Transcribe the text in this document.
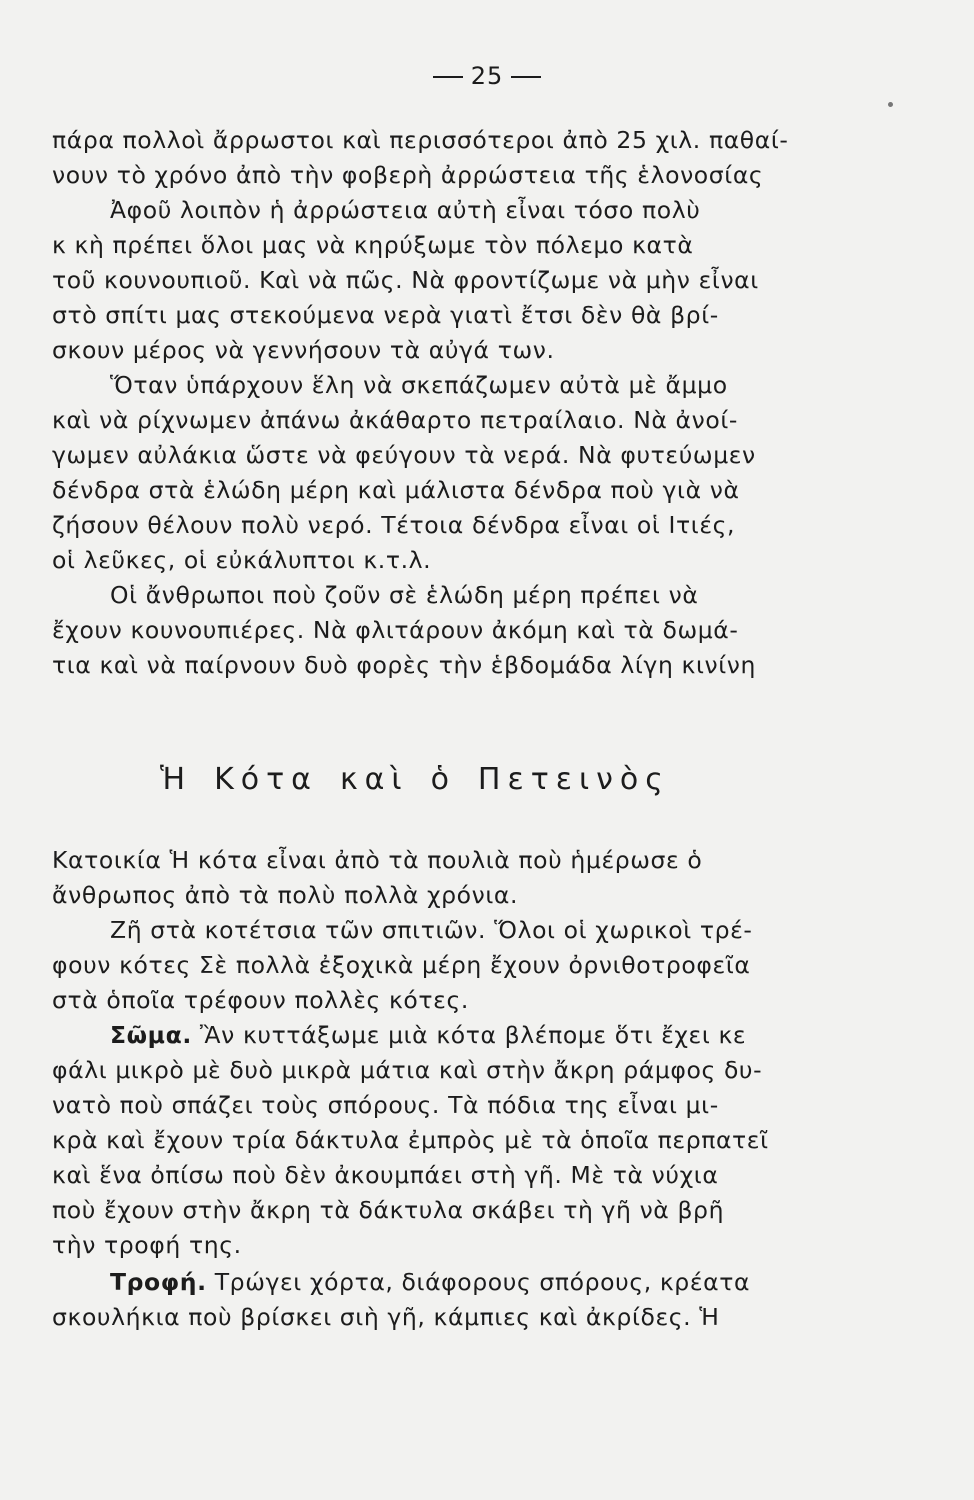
25
πάρα πολλοὶ ἄρρωστοι καὶ περισσότεροι ἀπὸ 25 χιλ. παθαί-
νουν τὸ χρόνο ἀπὸ τὴν φοβερὴ ἀρρώστεια τῆς ἑλονοσίας
Ἀφοῦ λοιπὸν ἡ ἀρρώστεια αὐτὴ εἶναι τόσο πολὺ
κ κὴ πρέπει ὅλοι μας νὰ κηρύξωμε τὸν πόλεμο κατὰ
τοῦ κουνουπιοῦ. Καὶ νὰ πῶς. Νὰ φροντίζωμε νὰ μὴν εἶναι
στὸ σπίτι μας στεκούμενα νερὰ γιατὶ ἔτσι δὲν θὰ βρί-
σκουν μέρος νὰ γεννήσουν τὰ αὐγά των.
Ὅταν ὑπάρχουν ἕλη νὰ σκεπάζωμεν αὐτὰ μὲ ἄμμο
καὶ νὰ ρίχνωμεν ἀπάνω ἀκάθαρτο πετραίλαιο. Νὰ ἀνοί-
γωμεν αὐλάκια ὥστε νὰ φεύγουν τὰ νερά. Νὰ φυτεύωμεν
δένδρα στὰ ἑλώδη μέρη καὶ μάλιστα δένδρα ποὺ γιὰ νὰ
ζήσουν θέλουν πολὺ νερό. Τέτοια δένδρα εἶναι οἱ Ιτιές,
οἱ λεῦκες, οἱ εὐκάλυπτοι κ.τ.λ.
Οἱ ἄνθρωποι ποὺ ζοῦν σὲ ἑλώδη μέρη πρέπει νὰ
ἔχουν κουνουπιέρες. Νὰ φλιτάρουν ἀκόμη καὶ τὰ δωμά-
τια καὶ νὰ παίρνουν δυὸ φορὲς τὴν ἑβδομάδα λίγη κινίνη
Ἡ Κότα καὶ ὁ Πετεινὸς
Κατοικία Ἡ κότα εἶναι ἀπὸ τὰ πουλιὰ ποὺ ἡμέρωσε ὁ
ἄνθρωπος ἀπὸ τὰ πολὺ πολλὰ χρόνια.
Ζῆ στὰ κοτέτσια τῶν σπιτιῶν. Ὅλοι οἱ χωρικοὶ τρέ-
φουν κότες Σὲ πολλὰ ἐξοχικὰ μέρη ἔχουν ὀρνιθοτροφεῖα
στὰ ὁποῖα τρέφουν πολλὲς κότες.
Σῶμα. Ἂν κυττάξωμε μιὰ κότα βλέπομε ὅτι ἔχει κε
φάλι μικρὸ μὲ δυὸ μικρὰ μάτια καὶ στὴν ἄκρη ράμφος δυ-
νατὸ ποὺ σπάζει τοὺς σπόρους. Τὰ πόδια της εἶναι μι-
κρὰ καὶ ἔχουν τρία δάκτυλα ἐμπρὸς μὲ τὰ ὁποῖα περπατεῖ
καὶ ἕνα ὀπίσω ποὺ δὲν ἀκουμπάει στὴ γῆ. Μὲ τὰ νύχια
ποὺ ἔχουν στὴν ἄκρη τὰ δάκτυλα σκάβει τὴ γῆ νὰ βρῆ
τὴν τροφή της.
Τροφή. Τρώγει χόρτα, διάφορους σπόρους, κρέατα
σκουλήκια ποὺ βρίσκει σιὴ γῆ, κάμπιες καὶ ἀκρίδες. Ἡ
